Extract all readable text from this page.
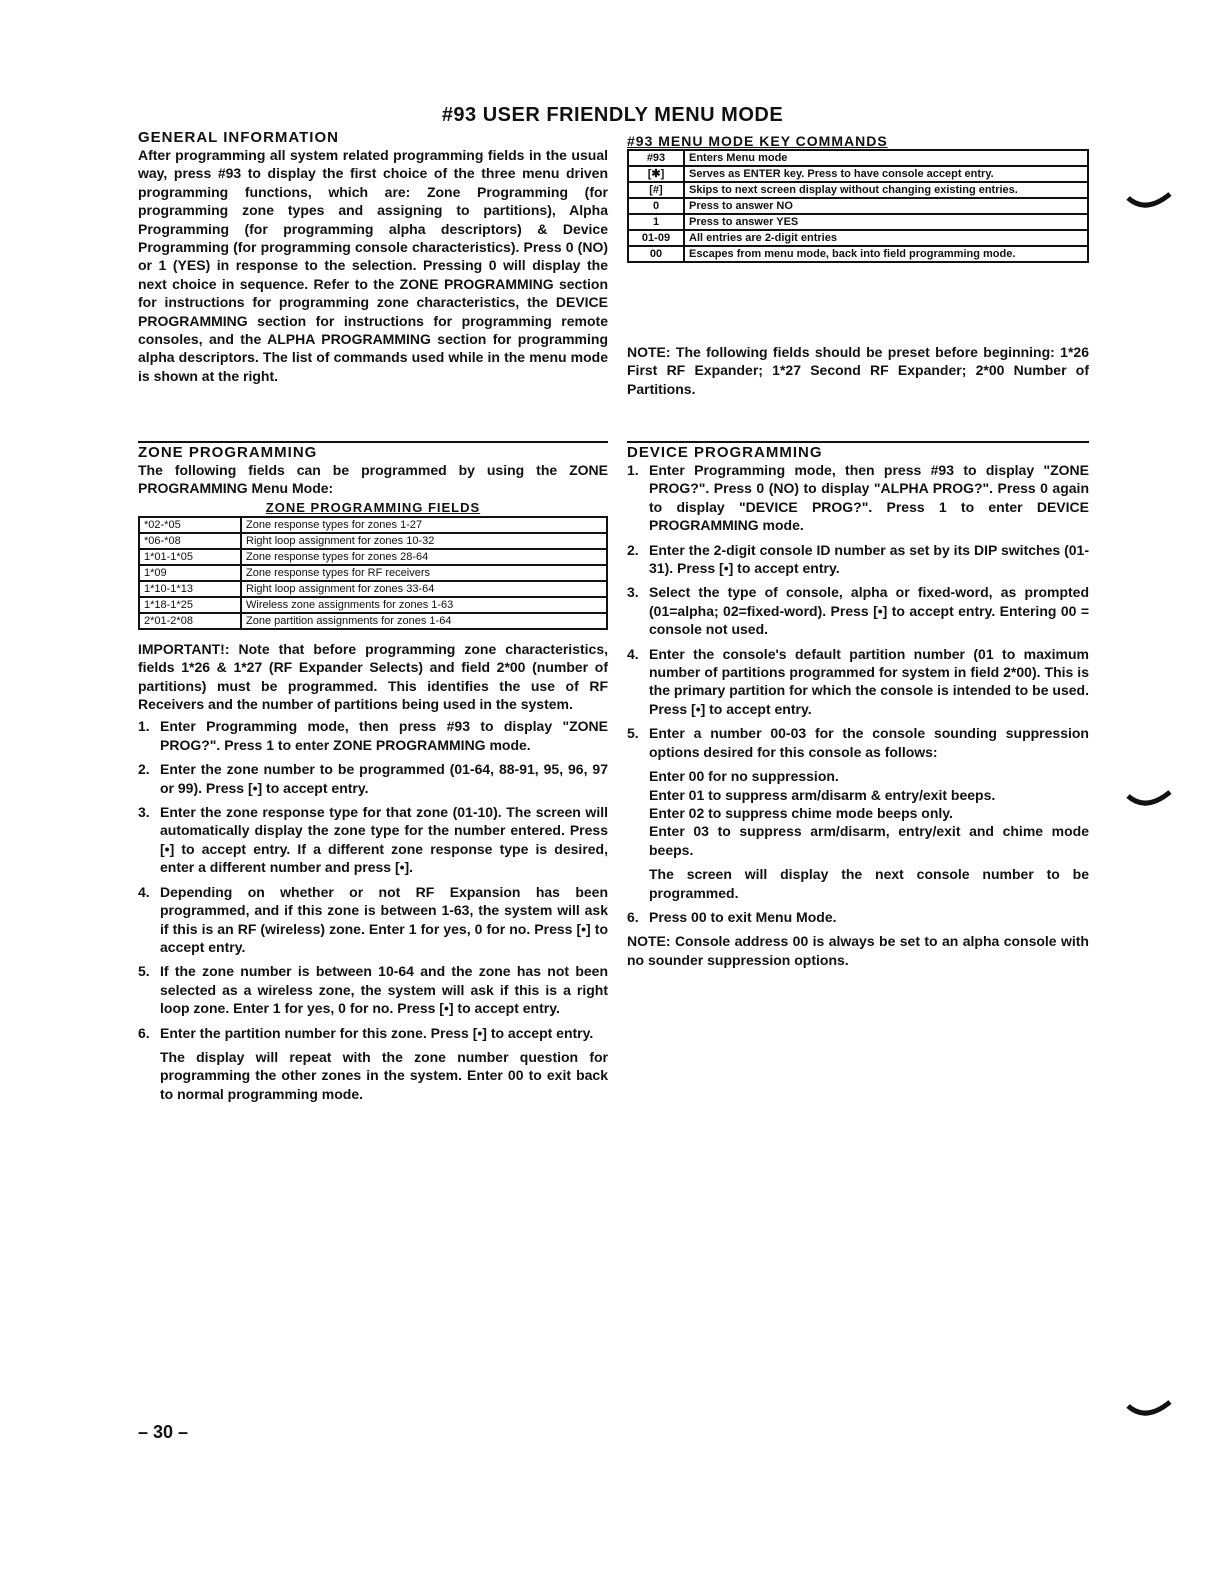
#93 USER FRIENDLY MENU MODE
GENERAL INFORMATION

After programming all system related programming fields in the usual way, press #93 to display the first choice of the three menu driven programming functions, which are: Zone Programming (for programming zone types and assigning to partitions), Alpha Programming (for programming alpha descriptors) & Device Programming (for programming console characteristics). Press 0 (NO) or 1 (YES) in response to the selection. Pressing 0 will display the next choice in sequence. Refer to the ZONE PROGRAMMING section for instructions for programming zone characteristics, the DEVICE PROGRAMMING section for instructions for programming remote consoles, and the ALPHA PROGRAMMING section for programming alpha descriptors. The list of commands used while in the menu mode is shown at the right.

#93 MENU MODE KEY COMMANDS
#93	Enters Menu mode
[✱]	Serves as ENTER key. Press to have console accept entry.
[#]	Skips to next screen display without changing existing entries.
0	Press to answer NO
1	Press to answer YES
01-09	All entries are 2-digit entries
00	Escapes from menu mode, back into field programming mode.

NOTE: The following fields should be preset before beginning: 1*26 First RF Expander; 1*27 Second RF Expander; 2*00 Number of Partitions.

ZONE PROGRAMMING

The following fields can be programmed by using the ZONE PROGRAMMING Menu Mode:

ZONE PROGRAMMING FIELDS
*02-*05	Zone response types for zones 1-27
*06-*08	Right loop assignment for zones 10-32
1*01-1*05	Zone response types for zones 28-64
1*09	Zone response types for RF receivers
1*10-1*13	Right loop assignment for zones 33-64
1*18-1*25	Wireless zone assignments for zones 1-63
2*01-2*08	Zone partition assignments for zones 1-64

IMPORTANT!: Note that before programming zone characteristics, fields 1*26 & 1*27 (RF Expander Selects) and field 2*00 (number of partitions) must be programmed. This identifies the use of RF Receivers and the number of partitions being used in the system.

1. Enter Programming mode, then press #93 to display "ZONE PROG?". Press 1 to enter ZONE PROGRAMMING mode.
2. Enter the zone number to be programmed (01-64, 88-91, 95, 96, 97 or 99). Press [•] to accept entry.
3. Enter the zone response type for that zone (01-10). The screen will automatically display the zone type for the number entered. Press [•] to accept entry. If a different zone response type is desired, enter a different number and press [•].
4. Depending on whether or not RF Expansion has been programmed, and if this zone is between 1-63, the system will ask if this is an RF (wireless) zone. Enter 1 for yes, 0 for no. Press [•] to accept entry.
5. If the zone number is between 10-64 and the zone has not been selected as a wireless zone, the system will ask if this is a right loop zone. Enter 1 for yes, 0 for no. Press [•] to accept entry.
6. Enter the partition number for this zone. Press [•] to accept entry.
The display will repeat with the zone number question for programming the other zones in the system. Enter 00 to exit back to normal programming mode.
DEVICE PROGRAMMING
1. Enter Programming mode, then press #93 to display "ZONE PROG?". Press 0 (NO) to display "ALPHA PROG?". Press 0 again to display "DEVICE PROG?". Press 1 to enter DEVICE PROGRAMMING mode.
2. Enter the 2-digit console ID number as set by its DIP switches (01-31). Press [•] to accept entry.
3. Select the type of console, alpha or fixed-word, as prompted (01=alpha; 02=fixed-word). Press [•] to accept entry. Entering 00 = console not used.
4. Enter the console's default partition number (01 to maximum number of partitions programmed for system in field 2*00). This is the primary partition for which the console is intended to be used. Press [•] to accept entry.
5. Enter a number 00-03 for the console sounding suppression options desired for this console as follows:

Enter 00 for no suppression.

Enter 01 to suppress arm/disarm & entry/exit beeps.

Enter 02 to suppress chime mode beeps only.

Enter 03 to suppress arm/disarm, entry/exit and chime mode beeps.

The screen will display the next console number to be programmed.
6. Press 00 to exit Menu Mode.

NOTE: Console address 00 is always be set to an alpha console with no sounder suppression options.

– 30 –
